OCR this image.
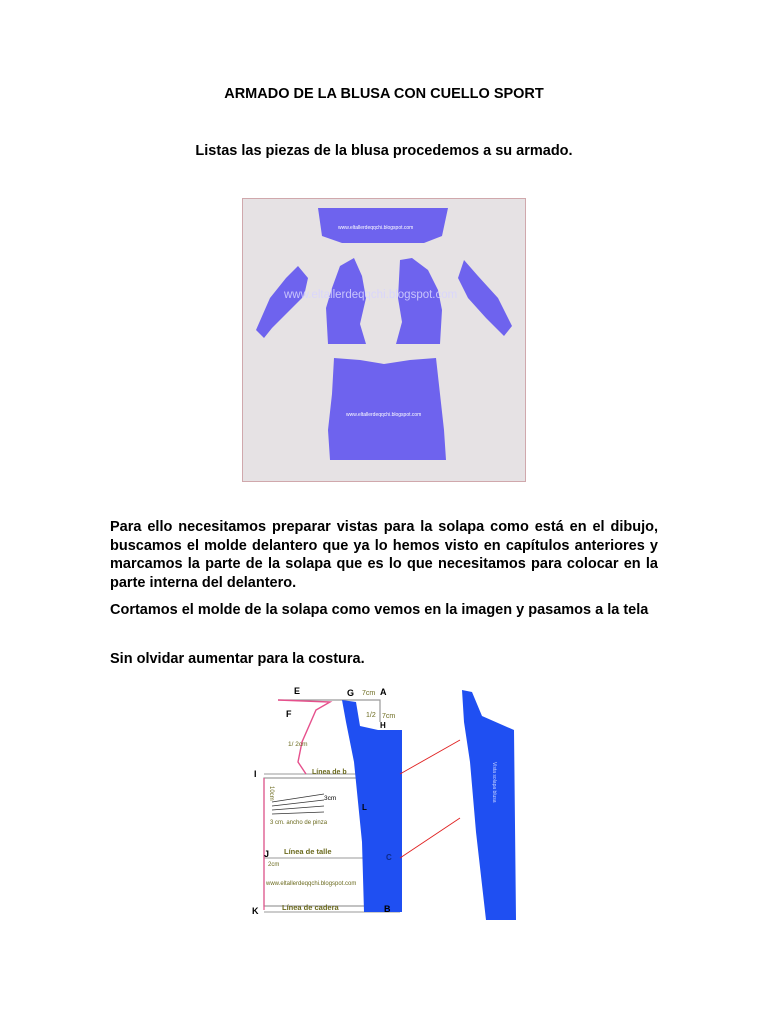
ARMADO DE LA BLUSA CON CUELLO SPORT
Listas las piezas de la blusa procedemos a su armado.
www.eltallerdeqqchi.blogspot.com
www.eltallerdeqqchi.blogspot.com
www.eltallerdeqqchi.blogspot.com
Para ello necesitamos preparar vistas para la solapa como está en el dibujo, buscamos el molde delantero que ya lo hemos visto en capítulos anteriores y marcamos la parte de la solapa que es lo que necesitamos para colocar en la parte interna del delantero.
Cortamos el molde de la solapa como vemos en la imagen y pasamos a la tela
Sin olvidar aumentar para la costura.
Vista solapa blusa
E	G 7cm A
F	1/2 7cm
H
1/ 2cm
I	Línea de b
10cm	3cm
L
3 cm. ancho de pinza
J Línea de talle
C
2cm
www.eltallerdeqqchi.blogspot.com
Línea de cadera	B
K
